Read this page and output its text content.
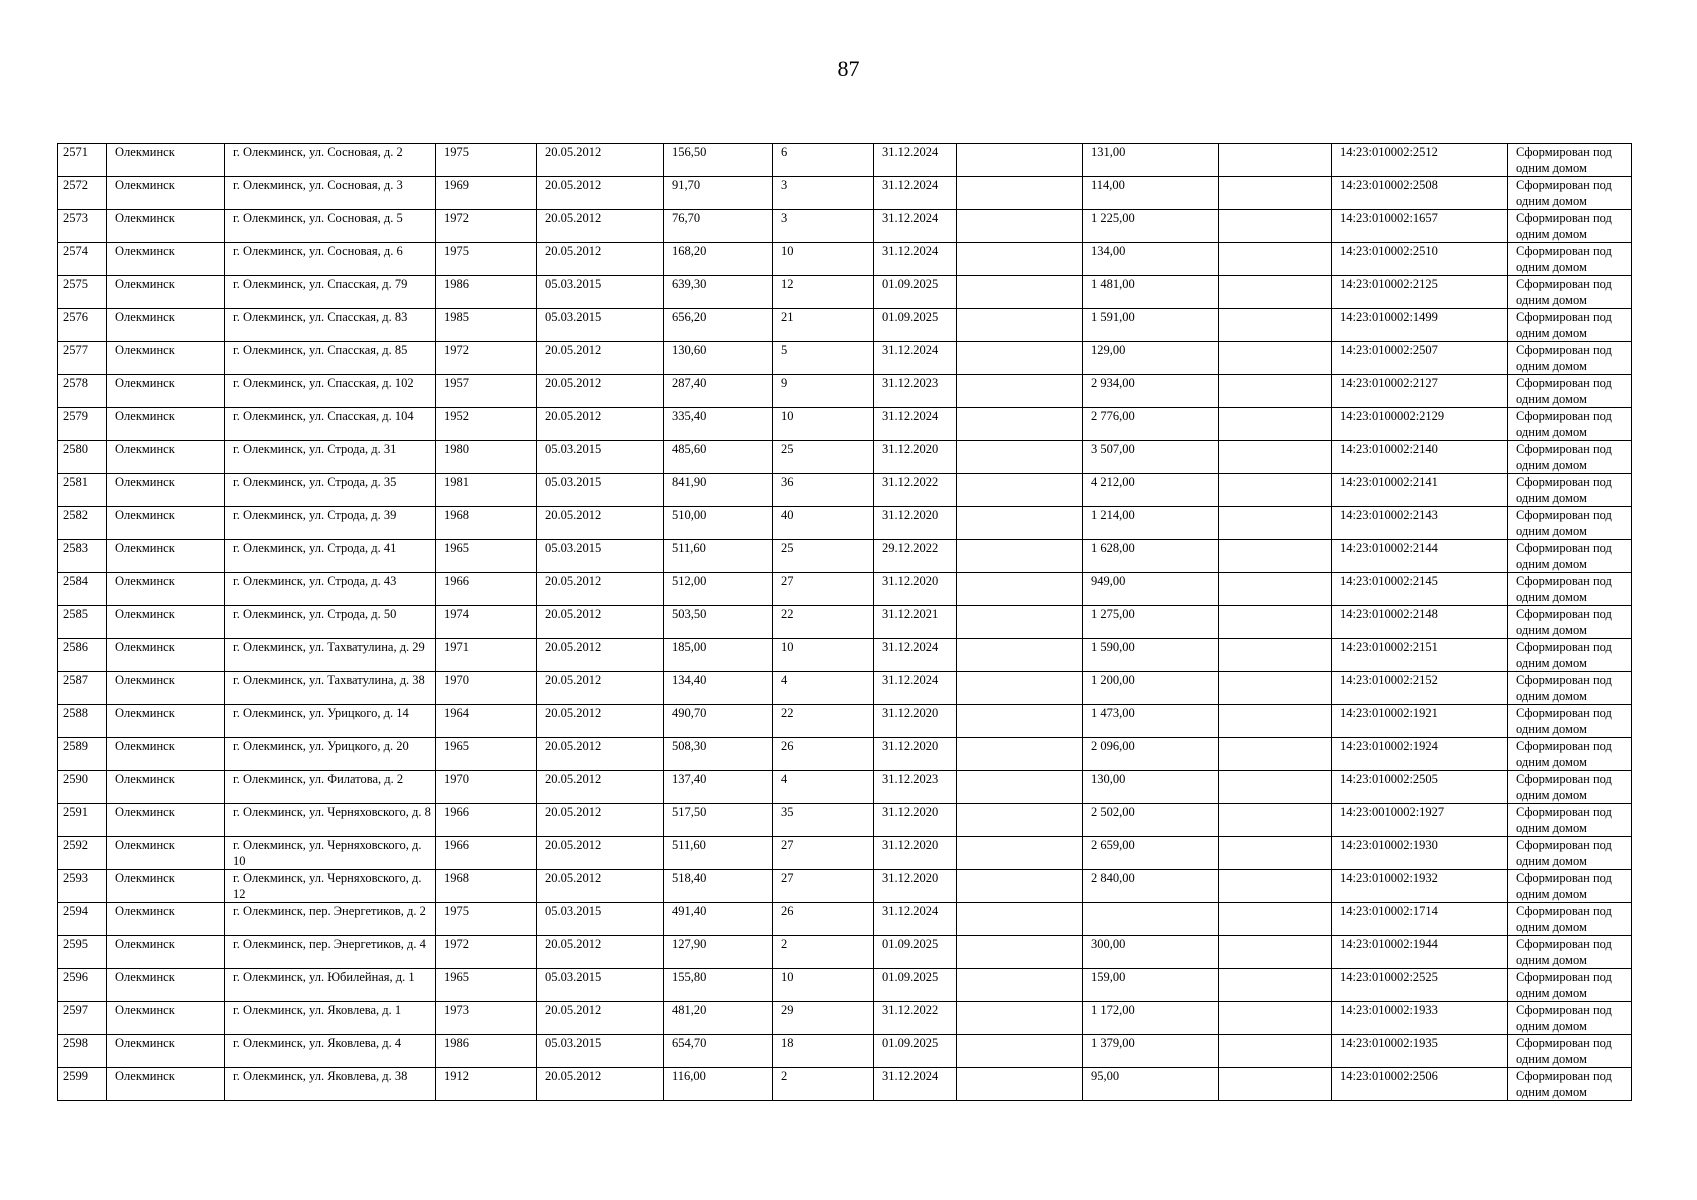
87
2571	Олекминск	г. Олекминск, ул. Сосновая, д. 2	1975	20.05.2012	156,50	6	31.12.2024		131,00		14:23:010002:2512	Сформирован под одним домом
2572	Олекминск	г. Олекминск, ул. Сосновая, д. 3	1969	20.05.2012	91,70	3	31.12.2024		114,00		14:23:010002:2508	Сформирован под одним домом
2573	Олекминск	г. Олекминск, ул. Сосновая, д. 5	1972	20.05.2012	76,70	3	31.12.2024		1 225,00		14:23:010002:1657	Сформирован под одним домом
2574	Олекминск	г. Олекминск, ул. Сосновая, д. 6	1975	20.05.2012	168,20	10	31.12.2024		134,00		14:23:010002:2510	Сформирован под одним домом
2575	Олекминск	г. Олекминск, ул. Спасская, д. 79	1986	05.03.2015	639,30	12	01.09.2025		1 481,00		14:23:010002:2125	Сформирован под одним домом
2576	Олекминск	г. Олекминск, ул. Спасская, д. 83	1985	05.03.2015	656,20	21	01.09.2025		1 591,00		14:23:010002:1499	Сформирован под одним домом
2577	Олекминск	г. Олекминск, ул. Спасская, д. 85	1972	20.05.2012	130,60	5	31.12.2024		129,00		14:23:010002:2507	Сформирован под одним домом
2578	Олекминск	г. Олекминск, ул. Спасская, д. 102	1957	20.05.2012	287,40	9	31.12.2023		2 934,00		14:23:010002:2127	Сформирован под одним домом
2579	Олекминск	г. Олекминск, ул. Спасская, д. 104	1952	20.05.2012	335,40	10	31.12.2024		2 776,00		14:23:0100002:2129	Сформирован под одним домом
2580	Олекминск	г. Олекминск, ул. Строда, д. 31	1980	05.03.2015	485,60	25	31.12.2020		3 507,00		14:23:010002:2140	Сформирован под одним домом
2581	Олекминск	г. Олекминск, ул. Строда, д. 35	1981	05.03.2015	841,90	36	31.12.2022		4 212,00		14:23:010002:2141	Сформирован под одним домом
2582	Олекминск	г. Олекминск, ул. Строда, д. 39	1968	20.05.2012	510,00	40	31.12.2020		1 214,00		14:23:010002:2143	Сформирован под одним домом
2583	Олекминск	г. Олекминск, ул. Строда, д. 41	1965	05.03.2015	511,60	25	29.12.2022		1 628,00		14:23:010002:2144	Сформирован под одним домом
2584	Олекминск	г. Олекминск, ул. Строда, д. 43	1966	20.05.2012	512,00	27	31.12.2020		949,00		14:23:010002:2145	Сформирован под одним домом
2585	Олекминск	г. Олекминск, ул. Строда, д. 50	1974	20.05.2012	503,50	22	31.12.2021		1 275,00		14:23:010002:2148	Сформирован под одним домом
2586	Олекминск	г. Олекминск, ул. Тахватулина, д. 29	1971	20.05.2012	185,00	10	31.12.2024		1 590,00		14:23:010002:2151	Сформирован под одним домом
2587	Олекминск	г. Олекминск, ул. Тахватулина, д. 38	1970	20.05.2012	134,40	4	31.12.2024		1 200,00		14:23:010002:2152	Сформирован под одним домом
2588	Олекминск	г. Олекминск, ул. Урицкого, д. 14	1964	20.05.2012	490,70	22	31.12.2020		1 473,00		14:23:010002:1921	Сформирован под одним домом
2589	Олекминск	г. Олекминск, ул. Урицкого, д. 20	1965	20.05.2012	508,30	26	31.12.2020		2 096,00		14:23:010002:1924	Сформирован под одним домом
2590	Олекминск	г. Олекминск, ул. Филатова, д. 2	1970	20.05.2012	137,40	4	31.12.2023		130,00		14:23:010002:2505	Сформирован под одним домом
2591	Олекминск	г. Олекминск, ул. Черняховского, д. 8	1966	20.05.2012	517,50	35	31.12.2020		2 502,00		14:23:0010002:1927	Сформирован под одним домом
2592	Олекминск	г. Олекминск, ул. Черняховского, д. 10	1966	20.05.2012	511,60	27	31.12.2020		2 659,00		14:23:010002:1930	Сформирован под одним домом
2593	Олекминск	г. Олекминск, ул. Черняховского, д. 12	1968	20.05.2012	518,40	27	31.12.2020		2 840,00		14:23:010002:1932	Сформирован под одним домом
2594	Олекминск	г. Олекминск, пер. Энергетиков, д. 2	1975	05.03.2015	491,40	26	31.12.2024				14:23:010002:1714	Сформирован под одним домом
2595	Олекминск	г. Олекминск, пер. Энергетиков, д. 4	1972	20.05.2012	127,90	2	01.09.2025		300,00		14:23:010002:1944	Сформирован под одним домом
2596	Олекминск	г. Олекминск, ул. Юбилейная, д. 1	1965	05.03.2015	155,80	10	01.09.2025		159,00		14:23:010002:2525	Сформирован под одним домом
2597	Олекминск	г. Олекминск, ул. Яковлева, д. 1	1973	20.05.2012	481,20	29	31.12.2022		1 172,00		14:23:010002:1933	Сформирован под одним домом
2598	Олекминск	г. Олекминск, ул. Яковлева, д. 4	1986	05.03.2015	654,70	18	01.09.2025		1 379,00		14:23:010002:1935	Сформирован под одним домом
2599	Олекминск	г. Олекминск, ул. Яковлева, д. 38	1912	20.05.2012	116,00	2	31.12.2024		95,00		14:23:010002:2506	Сформирован под одним домом
